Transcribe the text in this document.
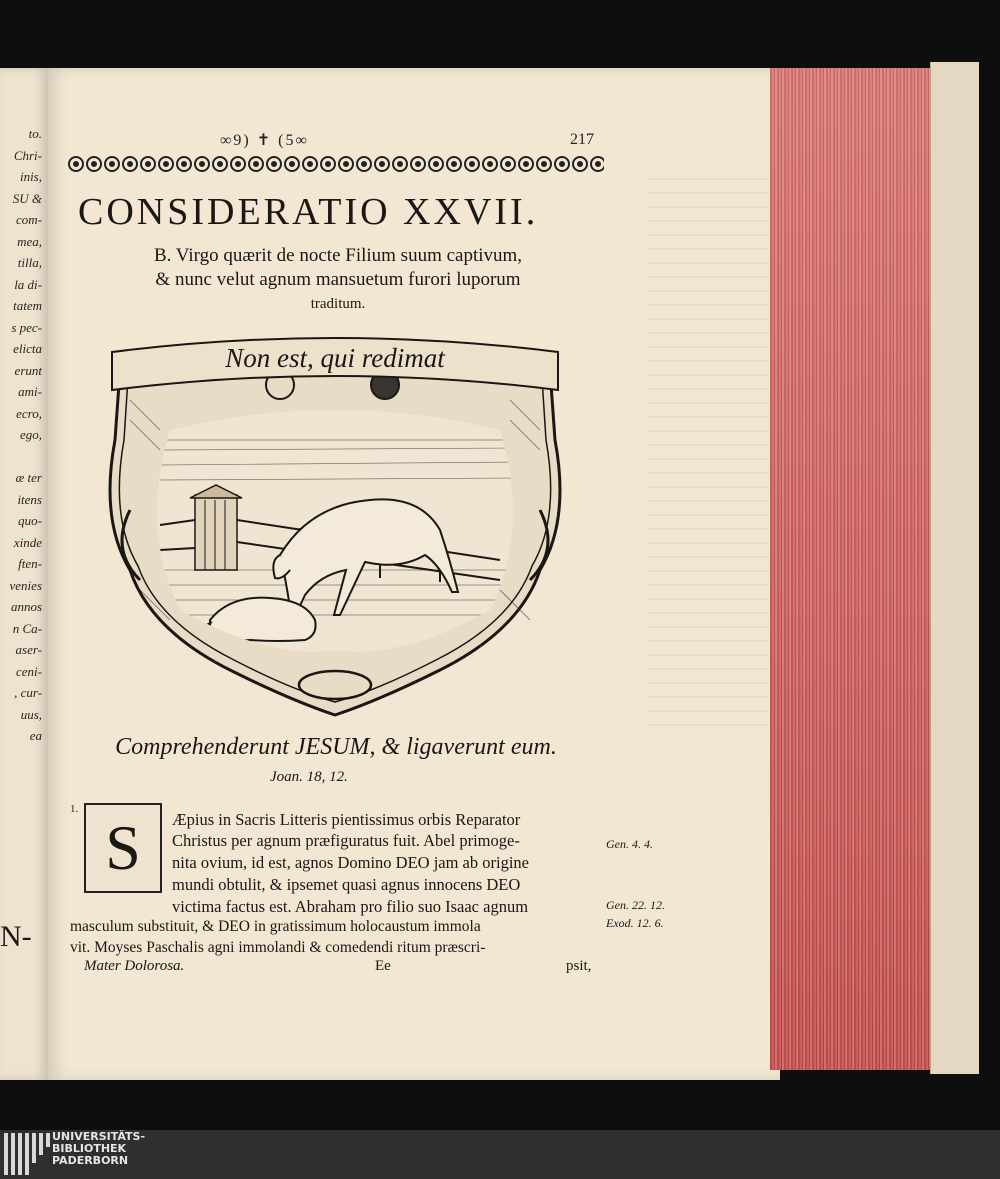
N-
to.
Chri-
inis,
SU &
com-
mea,
tilla,
la di-
tatem
s pec-
elicta
erunt
ami-
ecro,
ego,
æ ter
itens
quo-
xinde
ften-
venies
annos
n Ca-
aser-
ceni-
, cur-
uus,
ea
∞9) ✝ (5∞	217
CONSIDERATIO XXVII.
B. Virgo quærit de nocte Filium suum captivum,
& nunc velut agnum mansuetum furori luporum
traditum.
Non est, qui redimat
Comprehenderunt JESUM, & ligaverunt eum.
Joan. 18, 12.
1.
S	Æpius in Sacris Litteris pientissimus orbis Reparator
Christus per agnum præfiguratus fuit. Abel primoge-
nita ovium, id est, agnos Domino DEO jam ab origine
mundi obtulit, & ipsemet quasi agnus innocens DEO
victima factus est. Abraham pro filio suo Isaac agnum
masculum substituit, & DEO in gratissimum holocaustum immola
vit. Moyses Paschalis agni immolandi & comedendi ritum præscri-
Gen. 4. 4.
Gen. 22. 12.
Exod. 12. 6.
Mater Dolorosa.	Ee	psit,
UNIVERSITÄTS-
BIBLIOTHEK
PADERBORN
